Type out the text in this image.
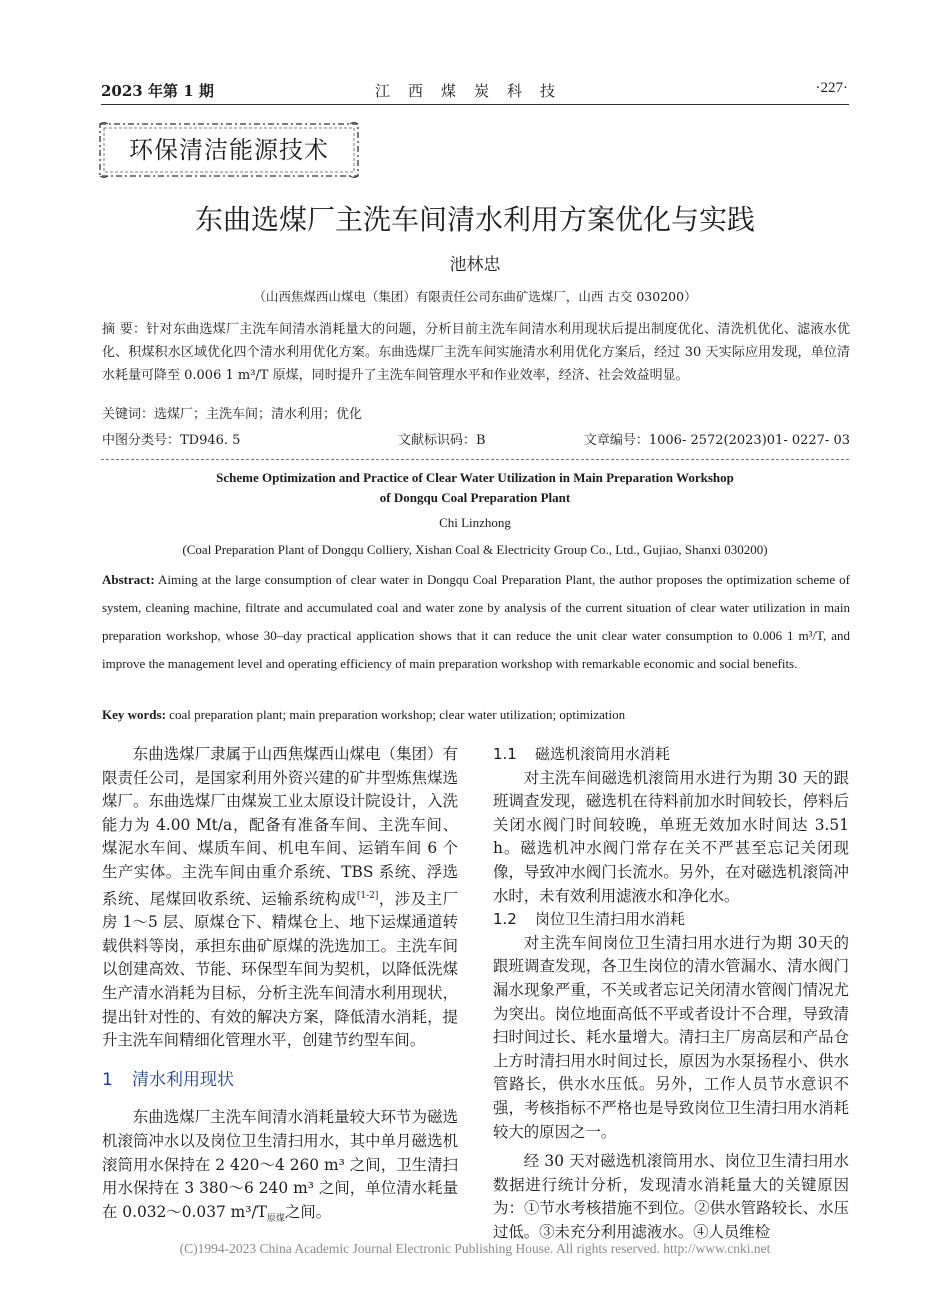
2023 年第 1 期	江西煤炭科技	·227·
环保清洁能源技术
东曲选煤厂主洗车间清水利用方案优化与实践
池林忠
（山西焦煤西山煤电（集团）有限责任公司东曲矿选煤厂，山西 古交 030200）
摘 要：针对东曲选煤厂主洗车间清水消耗量大的问题，分析目前主洗车间清水利用现状后提出制度优化、清洗机优化、滤液水优化、积煤积水区域优化四个清水利用优化方案。东曲选煤厂主洗车间实施清水利用优化方案后，经过 30 天实际应用发现，单位清水耗量可降至 0.006 1 m³/T 原煤，同时提升了主洗车间管理水平和作业效率，经济、社会效益明显。
关键词：选煤厂；主洗车间；清水利用；优化
中图分类号：TD946. 5	文献标识码：B	文章编号：1006- 2572(2023)01- 0227- 03
Scheme Optimization and Practice of Clear Water Utilization in Main Preparation Workshop
of Dongqu Coal Preparation Plant
Chi Linzhong
(Coal Preparation Plant of Dongqu Colliery, Xishan Coal & Electricity Group Co., Ltd., Gujiao, Shanxi 030200)
Abstract: Aiming at the large consumption of clear water in Dongqu Coal Preparation Plant, the author proposes the optimization scheme of system, cleaning machine, filtrate and accumulated coal and water zone by analysis of the current situation of clear water utilization in main preparation workshop, whose 30–day practical application shows that it can reduce the unit clear water consumption to 0.006 1 m³/T, and improve the management level and operating efficiency of main preparation workshop with remarkable economic and social benefits.
Key words: coal preparation plant; main preparation workshop; clear water utilization; optimization

东曲选煤厂隶属于山西焦煤西山煤电（集团）有限责任公司，是国家利用外资兴建的矿井型炼焦煤选煤厂。东曲选煤厂由煤炭工业太原设计院设计，入洗能力为 4.00 Mt/a，配备有准备车间、主洗车间、煤泥水车间、煤质车间、机电车间、运销车间 6 个生产实体。主洗车间由重介系统、TBS 系统、浮选系统、尾煤回收系统、运输系统构成[1-2]，涉及主厂房 1～5 层、原煤仓下、精煤仓上、地下运煤通道转载供料等岗，承担东曲矿原煤的洗选加工。主洗车间以创建高效、节能、环保型车间为契机，以降低洗煤生产清水消耗为目标，分析主洗车间清水利用现状，提出针对性的、有效的解决方案，降低清水消耗，提升主洗车间精细化管理水平，创建节约型车间。

1 清水利用现状

东曲选煤厂主洗车间清水消耗量较大环节为磁选机滚筒冲水以及岗位卫生清扫用水，其中单月磁选机滚筒用水保持在 2 420～4 260 m³ 之间，卫生清扫用水保持在 3 380～6 240 m³ 之间，单位清水耗量在 0.032～0.037 $m^3/T_{原煤}$之间。

1.1 磁选机滚筒用水消耗

对主洗车间磁选机滚筒用水进行为期 30 天的跟班调查发现，磁选机在待料前加水时间较长，停料后关闭水阀门时间较晚，单班无效加水时间达 3.51 h。磁选机冲水阀门常存在关不严甚至忘记关闭现像，导致冲水阀门长流水。另外，在对磁选机滚筒冲水时，未有效利用滤液水和净化水。

1.2 岗位卫生清扫用水消耗

对主洗车间岗位卫生清扫用水进行为期 30天的跟班调查发现，各卫生岗位的清水管漏水、清水阀门漏水现象严重，不关或者忘记关闭清水管阀门情况尤为突出。岗位地面高低不平或者设计不合理，导致清扫时间过长、耗水量增大。清扫主厂房高层和产品仓上方时清扫用水时间过长，原因为水泵扬程小、供水管路长，供水水压低。另外，工作人员节水意识不强，考核指标不严格也是导致岗位卫生清扫用水消耗较大的原因之一。

经 30 天对磁选机滚筒用水、岗位卫生清扫用水数据进行统计分析，发现清水消耗量大的关键原因为：①节水考核措施不到位。②供水管路较长、水压过低。③未充分利用滤液水。④人员维检

(C)1994-2023 China Academic Journal Electronic Publishing House. All rights reserved. http://www.cnki.net
